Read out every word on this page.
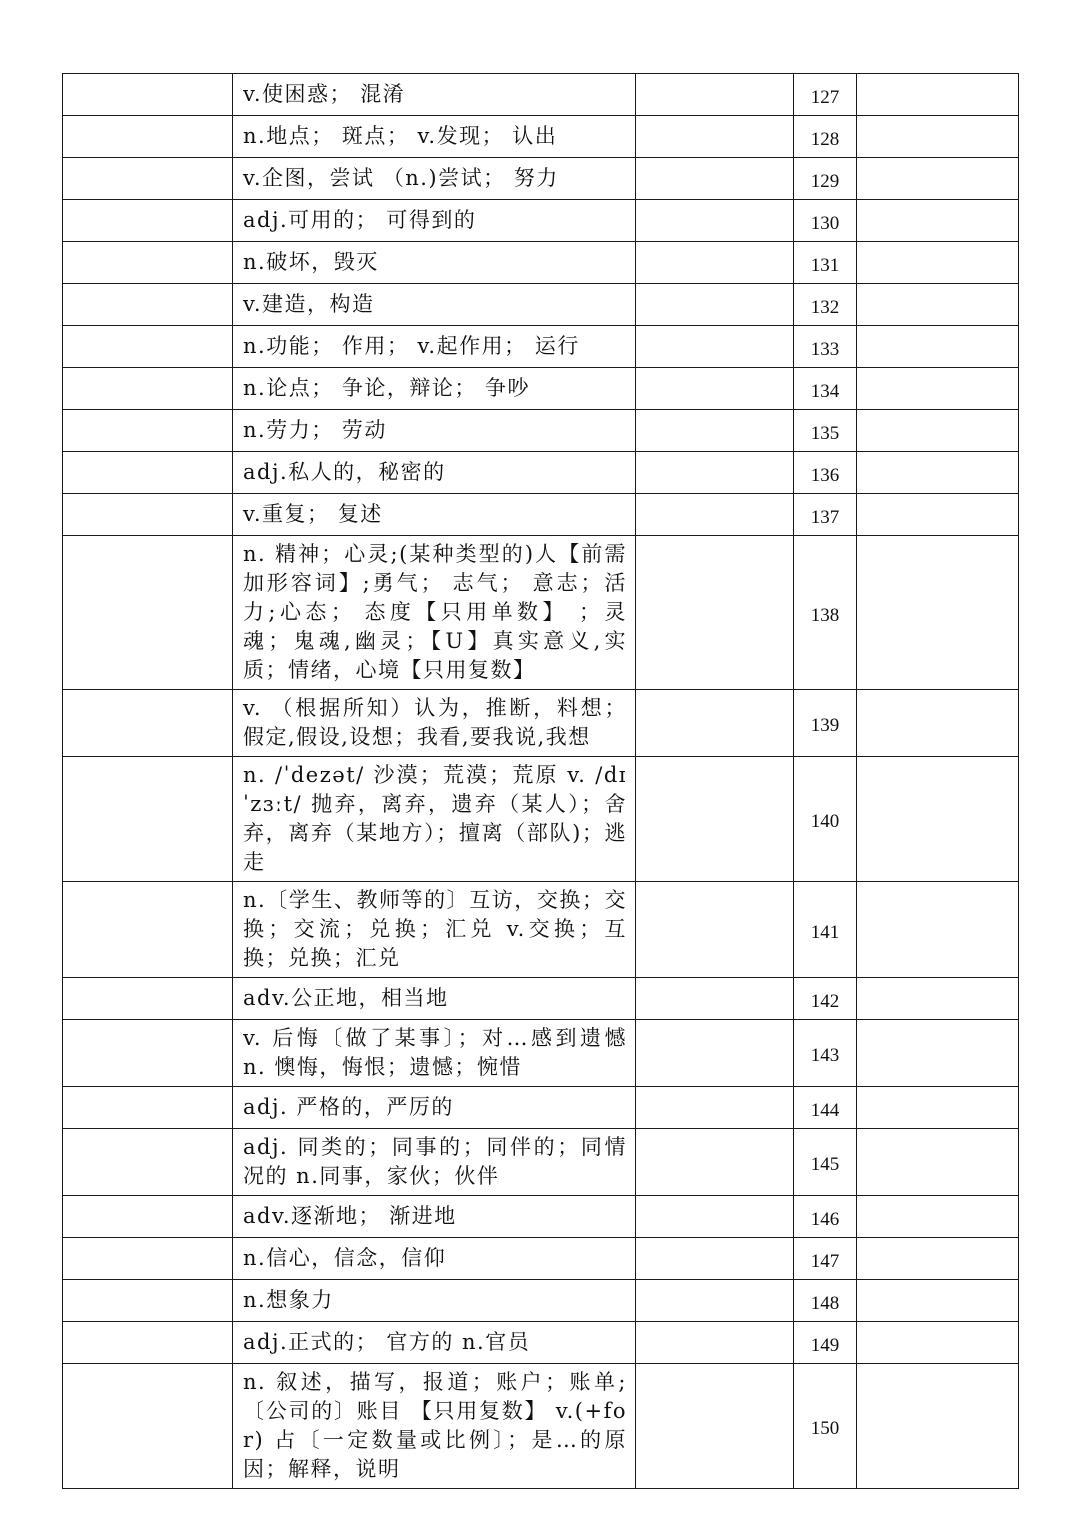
	v.使困惑； 混淆		127	
	n.地点； 斑点； v.发现； 认出		128	
	v.企图，尝试 （n.)尝试； 努力		129	
	adj.可用的； 可得到的		130	
	n.破坏，毁灭		131	
	v.建造，构造		132	
	n.功能； 作用； v.起作用； 运行		133	
	n.论点； 争论，辩论； 争吵		134	
	n.劳力； 劳动		135	
	adj.私人的，秘密的		136	
	v.重复； 复述		137	
	n. 精神；心灵;(某种类型的)人【前需加形容词】;勇气； 志气； 意志；活力;心态； 态度【只用单数】 ；灵魂；鬼魂,幽灵；【U】真实意义,实质；情绪，心境【只用复数】		138	
	v. （根据所知）认为，推断，料想；假定,假设,设想；我看,要我说,我想		139	
	n. /ˈdezət/ 沙漠；荒漠；荒原 v. /dɪˈzɜːt/ 抛弃，离弃，遗弃（某人）；舍弃，离弃（某地方）；擅离（部队)；逃走		140	
	n.〔学生、教师等的〕互访，交换；交换；交流；兑换；汇兑 v.交换；互换；兑换；汇兑		141	
	adv.公正地，相当地		142	
	v. 后悔〔做了某事〕；对…感到遗憾 n. 懊悔，悔恨；遗憾；惋惜		143	
	adj. 严格的，严厉的		144	
	adj. 同类的；同事的；同伴的；同情况的 n.同事，家伙；伙伴		145	
	adv.逐渐地； 渐进地		146	
	n.信心，信念，信仰		147	
	n.想象力		148	
	adj.正式的； 官方的 n.官员		149	
	n. 叙述，描写，报道；账户；账单;〔公司的〕账目 【只用复数】 v.(+for) 占〔一定数量或比例〕；是…的原因；解释，说明		150	
